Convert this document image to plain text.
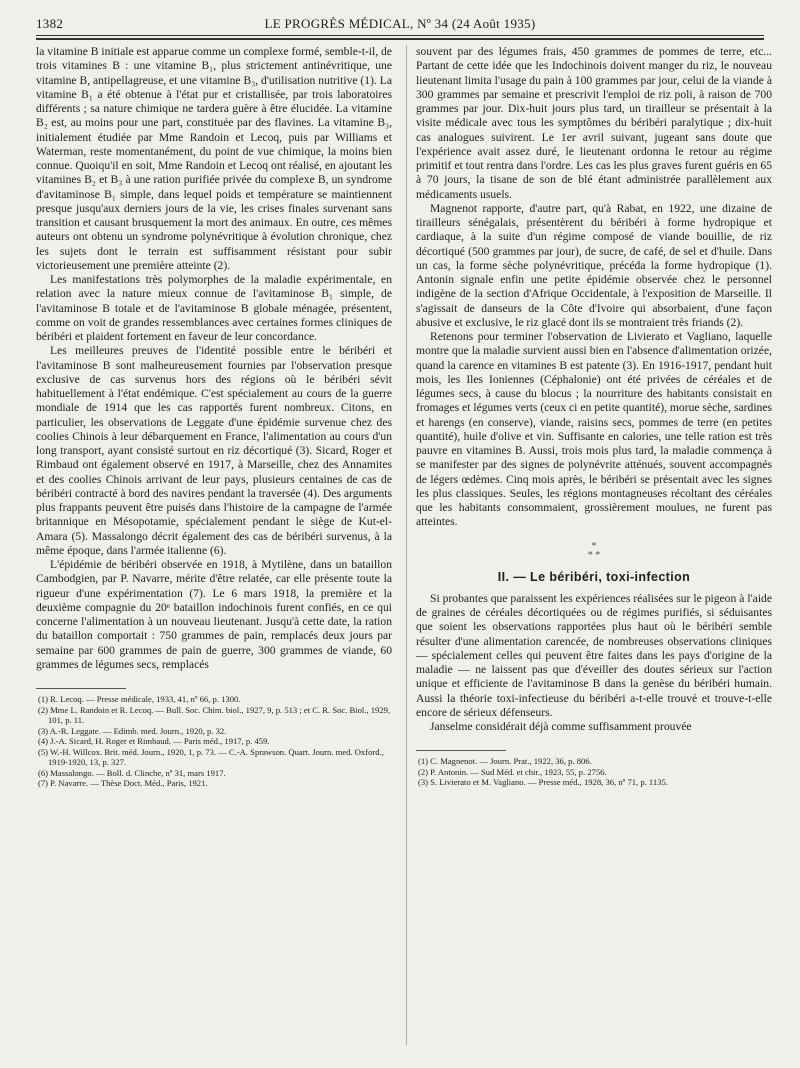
1382	LE PROGRÈS MÉDICAL, Nº 34 (24 Août 1935)

la vitamine B initiale est apparue comme un complexe formé, semble-t-il, de trois vitamines B : une vitamine B₁, plus strictement antinévritique, une vitamine B, antipellagreuse, et une vitamine B₃, d'utilisation nutritive (1). La vitamine B₁ a été obtenue à l'état pur et cristallisée, par trois laboratoires différents ; sa nature chimique ne tardera guère à être élucidée. La vitamine B₂ est, au moins pour une part, constituée par des flavines. La vitamine B₃, initialement étudiée par Mme Randoin et Lecoq, puis par Williams et Waterman, reste momentanément, du point de vue chimique, la moins bien connue. Quoiqu'il en soit, Mme Randoin et Lecoq ont réalisé, en ajoutant les vitamines B₂ et B₃ à une ration purifiée privée du complexe B, un syndrome d'avitaminose B₁ simple, dans lequel poids et température se maintiennent presque jusqu'aux derniers jours de la vie, les crises finales survenant sans transition et causant brusquement la mort des animaux. En outre, ces mêmes auteurs ont obtenu un syndrome polynévritique à évolution chronique, chez les sujets dont le terrain est suffisamment résistant pour subir victorieusement une première atteinte (2).

Les manifestations très polymorphes de la maladie expérimentale, en relation avec la nature mieux connue de l'avitaminose B₁ simple, de l'avitaminose B totale et de l'avitaminose B globale ménagée, présentent, comme on voit de grandes ressemblances avec certaines formes cliniques de béribéri et plaident fortement en faveur de leur concordance.

Les meilleures preuves de l'identité possible entre le béribéri et l'avitaminose B sont malheureusement fournies par l'observation presque exclusive de cas survenus hors des régions où le béribéri sévit habituellement à l'état endémique. C'est spécialement au cours de la guerre mondiale de 1914 que les cas rapportés furent nombreux. Citons, en particulier, les observations de Leggate d'une épidémie survenue chez des coolies Chinois à leur débarquement en France, l'alimentation au cours d'un long transport, ayant consisté surtout en riz décortiqué (3). Sicard, Roger et Rimbaud ont également observé en 1917, à Marseille, chez des Annamites et des coolies Chinois arrivant de leur pays, plusieurs centaines de cas de béribéri contracté à bord des navires pendant la traversée (4). Des arguments plus frappants peuvent être puisés dans l'histoire de la campagne de l'armée britannique en Mésopotamie, spécialement pendant le siège de Kut-el-Amara (5). Massalongo décrit également des cas de béribéri survenus, à la même époque, dans l'armée italienne (6).

L'épidémie de béribéri observée en 1918, à Mytilène, dans un bataillon Cambodgien, par P. Navarre, mérite d'être relatée, car elle présente toute la rigueur d'une expérimentation (7). Le 6 mars 1918, la première et la deuxième compagnie du 20ᵉ bataillon indochinois furent confiés, en ce qui concerne l'alimentation à un nouveau lieutenant. Jusqu'à cette date, la ration du bataillon comportait : 750 grammes de pain, remplacés deux jours par semaine par 600 grammes de pain de guerre, 300 grammes de viande, 60 grammes de légumes secs, remplacés

(1) R. Lecoq. — Presse médicale, 1933, 41, nº 66, p. 1300.
(2) Mme L. Randoin et R. Lecoq. — Bull. Soc. Chim. biol., 1927, 9, p. 513 ; et C. R. Soc. Biol., 1929, 101, p. 11.
(3) A.-R. Leggate. — Edimb. med. Journ., 1920, p. 32.
(4) J.-A. Sicard, H. Roger et Rimbaud. — Paris méd., 1917, p. 459.
(5) W.-H. Willcox. Brit. méd. Journ., 1920, 1, p. 73. — C.-A. Sprawson. Quart. Journ. med. Oxford., 1919-1920, 13, p. 327.
(6) Massalongo. — Boll. d. Clinche, nº 31, mars 1917.
(7) P. Navarre. — Thèse Doct. Méd., Paris, 1921.

souvent par des légumes frais, 450 grammes de pommes de terre, etc... Partant de cette idée que les Indochinois doivent manger du riz, le nouveau lieutenant limita l'usage du pain à 100 grammes par jour, celui de la viande à 300 grammes par semaine et prescrivit l'emploi de riz poli, à raison de 700 grammes par jour. Dix-huit jours plus tard, un tirailleur se présentait à la visite médicale avec tous les symptômes du béribéri paralytique ; dix-huit cas analogues suivirent. Le 1er avril suivant, jugeant sans doute que l'expérience avait assez duré, le lieutenant ordonna le retour au régime primitif et tout rentra dans l'ordre. Les cas les plus graves furent guéris en 65 à 70 jours, la tisane de son de blé étant administrée parallèlement aux médicaments usuels.

Magnenot rapporte, d'autre part, qu'à Rabat, en 1922, une dizaine de tirailleurs sénégalais, présentèrent du béribéri à forme hydropique et cardiaque, à la suite d'un régime composé de viande bouillie, de riz décortiqué (500 grammes par jour), de sucre, de café, de sel et d'huile. Dans un cas, la forme sèche polynévritique, précéda la forme hydropique (1). Antonin signale enfin une petite épidémie observée chez le personnel indigène de la section d'Afrique Occidentale, à l'exposition de Marseille. Il s'agissait de danseurs de la Côte d'Ivoire qui absorbaient, d'une façon abusive et exclusive, le riz glacé dont ils se montraient très friands (2).

Retenons pour terminer l'observation de Livierato et Vagliano, laquelle montre que la maladie survient aussi bien en l'absence d'alimentation orizée, quand la carence en vitamines B est patente (3). En 1916-1917, pendant huit mois, les Iles Ioniennes (Céphalonie) ont été privées de céréales et de légumes secs, à cause du blocus ; la nourriture des habitants consistait en fromages et légumes verts (ceux ci en petite quantité), morue sèche, sardines et harengs (en conserve), viande, raisins secs, pommes de terre (en petites quantité), huile d'olive et vin. Suffisante en calories, une telle ration est très pauvre en vitamines B. Aussi, trois mois plus tard, la maladie commença à se manifester par des signes de polynévrite atténués, souvent accompagnés de légers œdèmes. Cinq mois après, le béribéri se présentait avec les signes les plus classiques. Seules, les régions montagneuses récoltant des céréales que les habitants consommaient, grossièrement moulues, ne furent pas atteintes.

*
* *
II. — Le béribéri, toxi-infection

Si probantes que paraissent les expériences réalisées sur le pigeon à l'aide de graines de céréales décortiquées ou de régimes purifiés, si séduisantes que soient les observations rapportées plus haut où le béribéri semble résulter d'une alimentation carencée, de nombreuses observations cliniques — spécialement celles qui peuvent être faites dans les pays d'origine de la maladie — ne laissent pas que d'éveiller des doutes sérieux sur l'action unique et efficiente de l'avitaminose B dans la genèse du béribéri humain. Aussi la théorie toxi-infectieuse du béribéri a-t-elle trouvé et trouve-t-elle encore de sérieux défenseurs.

Janselme considérait déjà comme suffisamment prouvée

(1) C. Magnenot. — Journ. Prat., 1922, 36, p. 806.
(2) P. Antonin. — Sud Méd. et chir., 1923, 55, p. 2756.
(3) S. Livierato et M. Vagliano. — Presse méd., 1928, 36, nº 71, p. 1135.
